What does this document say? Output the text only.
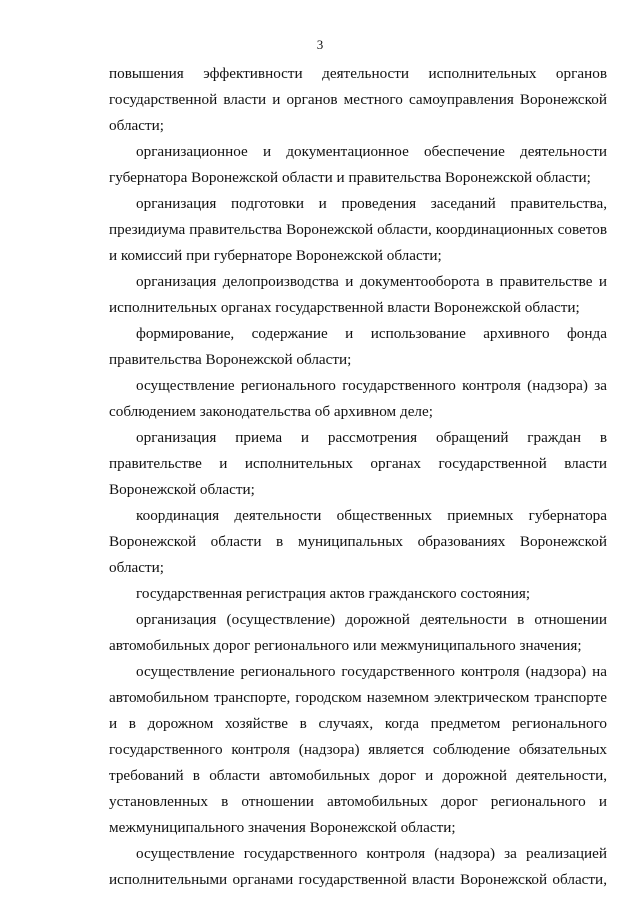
3

повышения эффективности деятельности исполнительных органов государственной власти и органов местного самоуправления Воронежской области;

организационное и документационное обеспечение деятельности губернатора Воронежской области и правительства Воронежской области;

организация подготовки и проведения заседаний правительства, президиума правительства Воронежской области, координационных советов и комиссий при губернаторе Воронежской области;

организация делопроизводства и документооборота в правительстве и исполнительных органах государственной власти Воронежской области;

формирование, содержание и использование архивного фонда правительства Воронежской области;

осуществление регионального государственного контроля (надзора) за соблюдением законодательства об архивном деле;

организация приема и рассмотрения обращений граждан в правительстве и исполнительных органах государственной власти Воронежской области;

координация деятельности общественных приемных губернатора Воронежской области в муниципальных образованиях Воронежской области;

государственная регистрация актов гражданского состояния;

организация (осуществление) дорожной деятельности в отношении автомобильных дорог регионального или межмуниципального значения;

осуществление регионального государственного контроля (надзора) на автомобильном транспорте, городском наземном электрическом транспорте и в дорожном хозяйстве в случаях, когда предметом регионального государственного контроля (надзора) является соблюдение обязательных требований в области автомобильных дорог и дорожной деятельности, установленных в отношении автомобильных дорог регионального и межмуниципального значения Воронежской области;

осуществление государственного контроля (надзора) за реализацией исполнительными органами государственной власти Воронежской области,
